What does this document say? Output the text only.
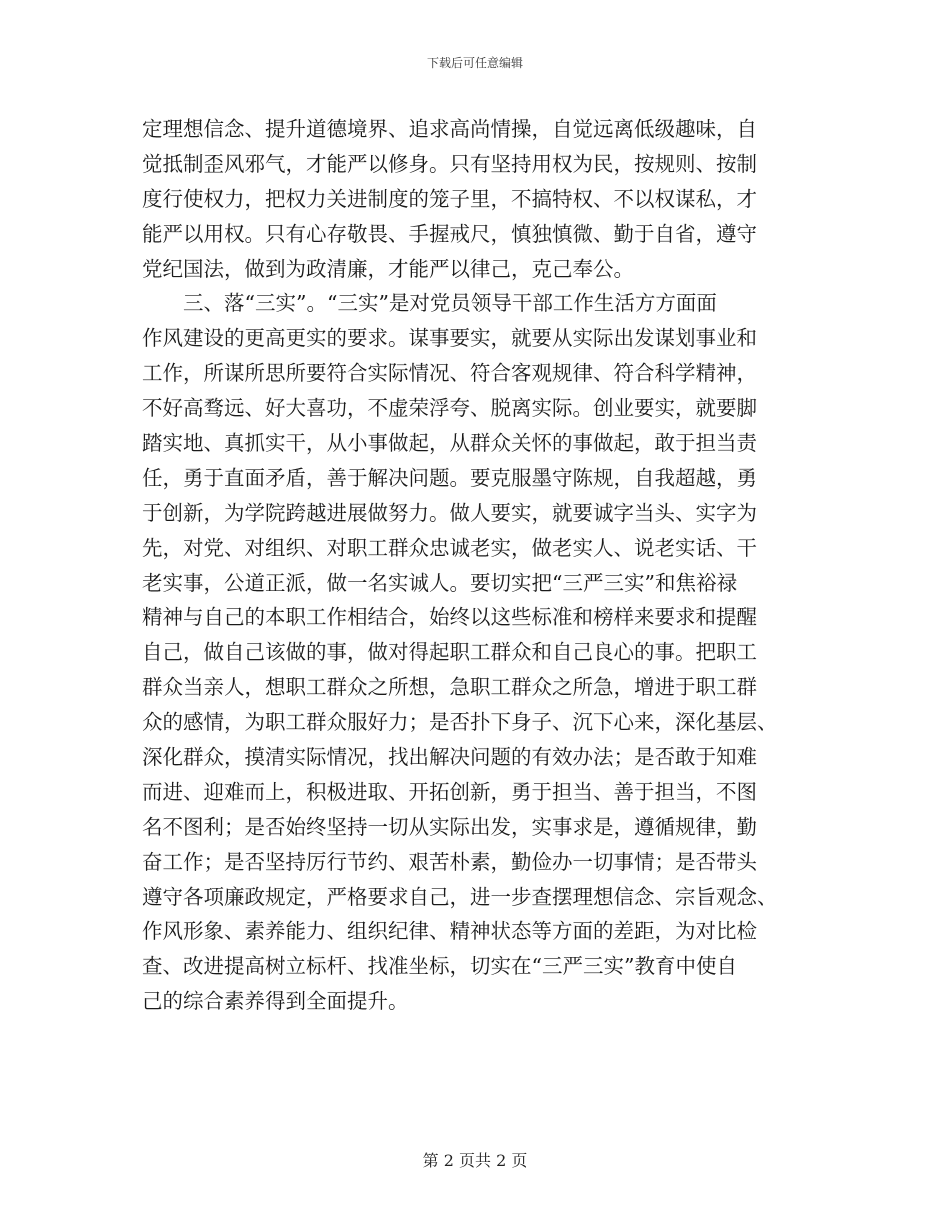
下载后可任意编辑
定理想信念、提升道德境界、追求高尚情操，自觉远离低级趣味，自
觉抵制歪风邪气，才能严以修身。只有坚持用权为民，按规则、按制
度行使权力，把权力关进制度的笼子里，不搞特权、不以权谋私，才
能严以用权。只有心存敬畏、手握戒尺，慎独慎微、勤于自省，遵守
党纪国法，做到为政清廉，才能严以律己，克己奉公。
　　三、落“三实”。“三实”是对党员领导干部工作生活方方面面
作风建设的更高更实的要求。谋事要实，就要从实际出发谋划事业和
工作，所谋所思所要符合实际情况、符合客观规律、符合科学精神，
不好高骛远、好大喜功，不虚荣浮夸、脱离实际。创业要实，就要脚
踏实地、真抓实干，从小事做起，从群众关怀的事做起，敢于担当责
任，勇于直面矛盾，善于解决问题。要克服墨守陈规，自我超越，勇
于创新，为学院跨越进展做努力。做人要实，就要诚字当头、实字为
先，对党、对组织、对职工群众忠诚老实，做老实人、说老实话、干
老实事，公道正派，做一名实诚人。要切实把“三严三实”和焦裕禄
精神与自己的本职工作相结合，始终以这些标准和榜样来要求和提醒
自己，做自己该做的事，做对得起职工群众和自己良心的事。把职工
群众当亲人，想职工群众之所想，急职工群众之所急，增进于职工群
众的感情，为职工群众服好力；是否扑下身子、沉下心来，深化基层、
深化群众，摸清实际情况，找出解决问题的有效办法；是否敢于知难
而进、迎难而上，积极进取、开拓创新，勇于担当、善于担当，不图
名不图利；是否始终坚持一切从实际出发，实事求是，遵循规律，勤
奋工作；是否坚持厉行节约、艰苦朴素，勤俭办一切事情；是否带头
遵守各项廉政规定，严格要求自己，进一步查摆理想信念、宗旨观念、
作风形象、素养能力、组织纪律、精神状态等方面的差距，为对比检
查、改进提高树立标杆、找准坐标，切实在“三严三实”教育中使自
己的综合素养得到全面提升。
第 2 页共 2 页
